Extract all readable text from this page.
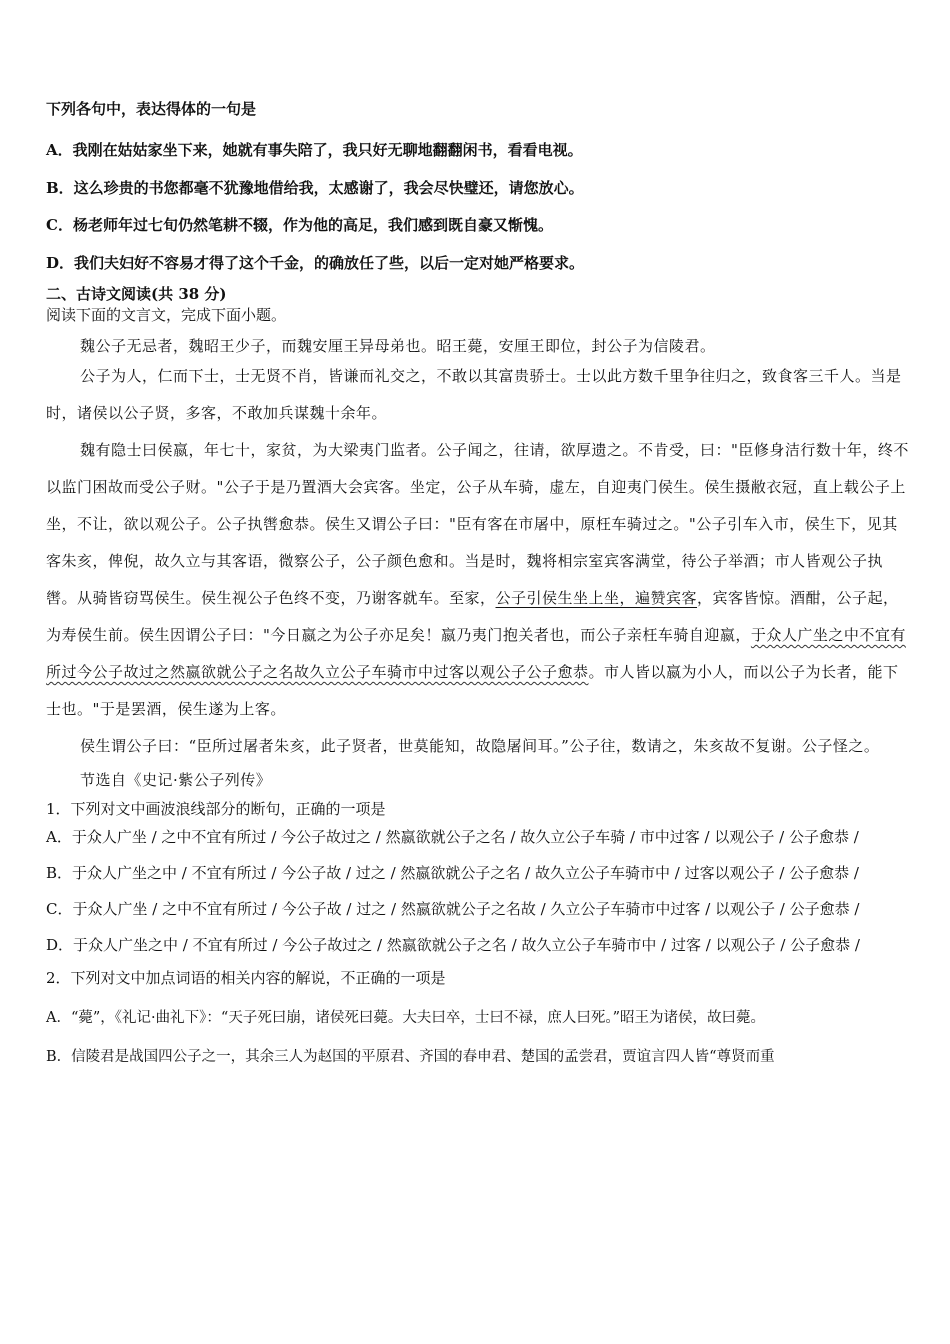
下列各句中，表达得体的一句是
A．我刚在姑姑家坐下来，她就有事失陪了，我只好无聊地翻翻闲书，看看电视。
B．这么珍贵的书您都毫不犹豫地借给我，太感谢了，我会尽快璧还，请您放心。
C．杨老师年过七旬仍然笔耕不辍，作为他的高足，我们感到既自豪又惭愧。
D．我们夫妇好不容易才得了这个千金，的确放任了些，以后一定对她严格要求。
二、古诗文阅读(共 38 分)
阅读下面的文言文，完成下面小题。
魏公子无忌者，魏昭王少子，而魏安厘王异母弟也。昭王薨，安厘王即位，封公子为信陵君。
公子为人，仁而下士，士无贤不肖，皆谦而礼交之，不敢以其富贵骄士。士以此方数千里争往归之，致食客三千人。当是时，诸侯以公子贤，多客，不敢加兵谋魏十余年。
魏有隐士曰侯嬴，年七十，家贫，为大梁夷门监者。公子闻之，往请，欲厚遗之。不肯受，曰："臣修身洁行数十年，终不以监门困故而受公子财。"公子于是乃置酒大会宾客。坐定，公子从车骑，虚左，自迎夷门侯生。侯生摄敝衣冠，直上载公子上坐，不让，欲以观公子。公子执辔愈恭。侯生又谓公子曰："臣有客在市屠中，原枉车骑过之。"公子引车入市，侯生下，见其客朱亥，俾倪，故久立与其客语，微察公子，公子颜色愈和。当是时，魏将相宗室宾客满堂，待公子举酒；市人皆观公子执辔。从骑皆窃骂侯生。侯生视公子色终不变，乃谢客就车。至家，公子引侯生坐上坐，遍赞宾客，宾客皆惊。酒酣，公子起，为寿侯生前。侯生因谓公子曰："今日嬴之为公子亦足矣！嬴乃夷门抱关者也，而公子亲枉车骑自迎嬴，于众人广坐之中不宜有所过今公子故过之然嬴欲就公子之名故久立公子车骑市中过客以观公子公子愈恭。市人皆以嬴为小人，而以公子为长者，能下士也。"于是罢酒，侯生遂为上客。
侯生谓公子曰：“臣所过屠者朱亥，此子贤者，世莫能知，故隐屠间耳。”公子往，数请之，朱亥故不复谢。公子怪之。
节选自《史记·紫公子列传》
1．下列对文中画波浪线部分的断句，正确的一项是
A．于众人广坐 / 之中不宜有所过 / 今公子故过之 / 然嬴欲就公子之名 / 故久立公子车骑 / 市中过客 / 以观公子 / 公子愈恭 /
B．于众人广坐之中 / 不宜有所过 / 今公子故 / 过之 / 然嬴欲就公子之名 / 故久立公子车骑市中 / 过客以观公子 / 公子愈恭 /
C．于众人广坐 / 之中不宜有所过 / 今公子故 / 过之 / 然嬴欲就公子之名故 / 久立公子车骑市中过客 / 以观公子 / 公子愈恭 /
D．于众人广坐之中 / 不宜有所过 / 今公子故过之 / 然嬴欲就公子之名 / 故久立公子车骑市中 / 过客 / 以观公子 / 公子愈恭 /
2．下列对文中加点词语的相关内容的解说，不正确的一项是
A．“薨”，《礼记·曲礼下》：“天子死曰崩，诸侯死曰薨。大夫曰卒，士曰不禄，庶人曰死。”昭王为诸侯，故曰薨。
B．信陵君是战国四公子之一，其余三人为赵国的平原君、齐国的春申君、楚国的孟尝君，贾谊言四人皆“尊贤而重
